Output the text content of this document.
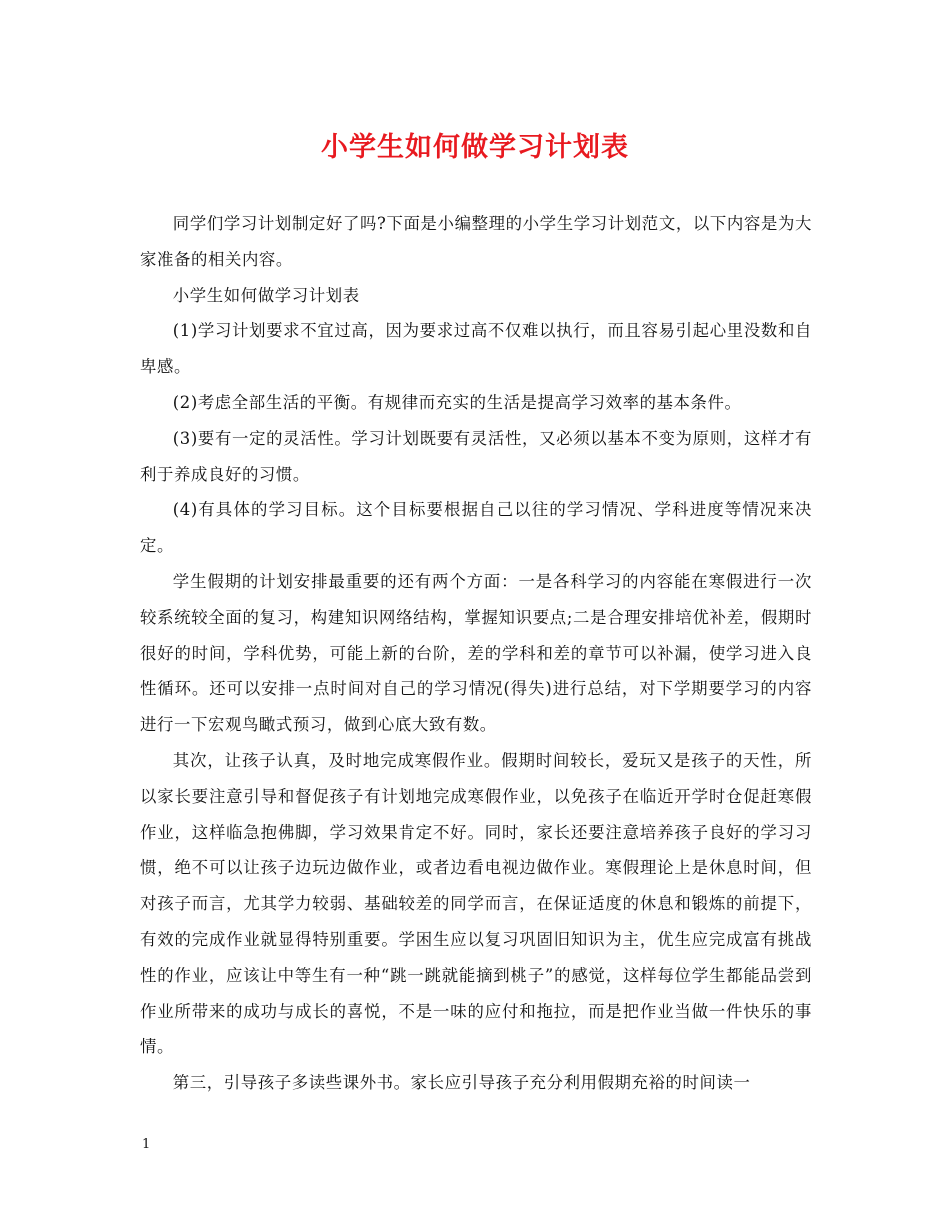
小学生如何做学习计划表

同学们学习计划制定好了吗?下面是小编整理的小学生学习计划范文，以下内容是为大家准备的相关内容。

小学生如何做学习计划表

(1)学习计划要求不宜过高，因为要求过高不仅难以执行，而且容易引起心里没数和自卑感。

(2)考虑全部生活的平衡。有规律而充实的生活是提高学习效率的基本条件。

(3)要有一定的灵活性。学习计划既要有灵活性，又必须以基本不变为原则，这样才有利于养成良好的习惯。

(4)有具体的学习目标。这个目标要根据自己以往的学习情况、学科进度等情况来决定。

学生假期的计划安排最重要的还有两个方面：一是各科学习的内容能在寒假进行一次较系统较全面的复习，构建知识网络结构，掌握知识要点;二是合理安排培优补差，假期时很好的时间，学科优势，可能上新的台阶，差的学科和差的章节可以补漏，使学习进入良性循环。还可以安排一点时间对自己的学习情况(得失)进行总结，对下学期要学习的内容进行一下宏观鸟瞰式预习，做到心底大致有数。

其次，让孩子认真，及时地完成寒假作业。假期时间较长，爱玩又是孩子的天性，所以家长要注意引导和督促孩子有计划地完成寒假作业，以免孩子在临近开学时仓促赶寒假作业，这样临急抱佛脚，学习效果肯定不好。同时，家长还要注意培养孩子良好的学习习惯，绝不可以让孩子边玩边做作业，或者边看电视边做作业。寒假理论上是休息时间，但对孩子而言，尤其学力较弱、基础较差的同学而言，在保证适度的休息和锻炼的前提下，有效的完成作业就显得特别重要。学困生应以复习巩固旧知识为主，优生应完成富有挑战性的作业，应该让中等生有一种“跳一跳就能摘到桃子”的感觉，这样每位学生都能品尝到作业所带来的成功与成长的喜悦，不是一味的应付和拖拉，而是把作业当做一件快乐的事情。

第三，引导孩子多读些课外书。家长应引导孩子充分利用假期充裕的时间读一

1
